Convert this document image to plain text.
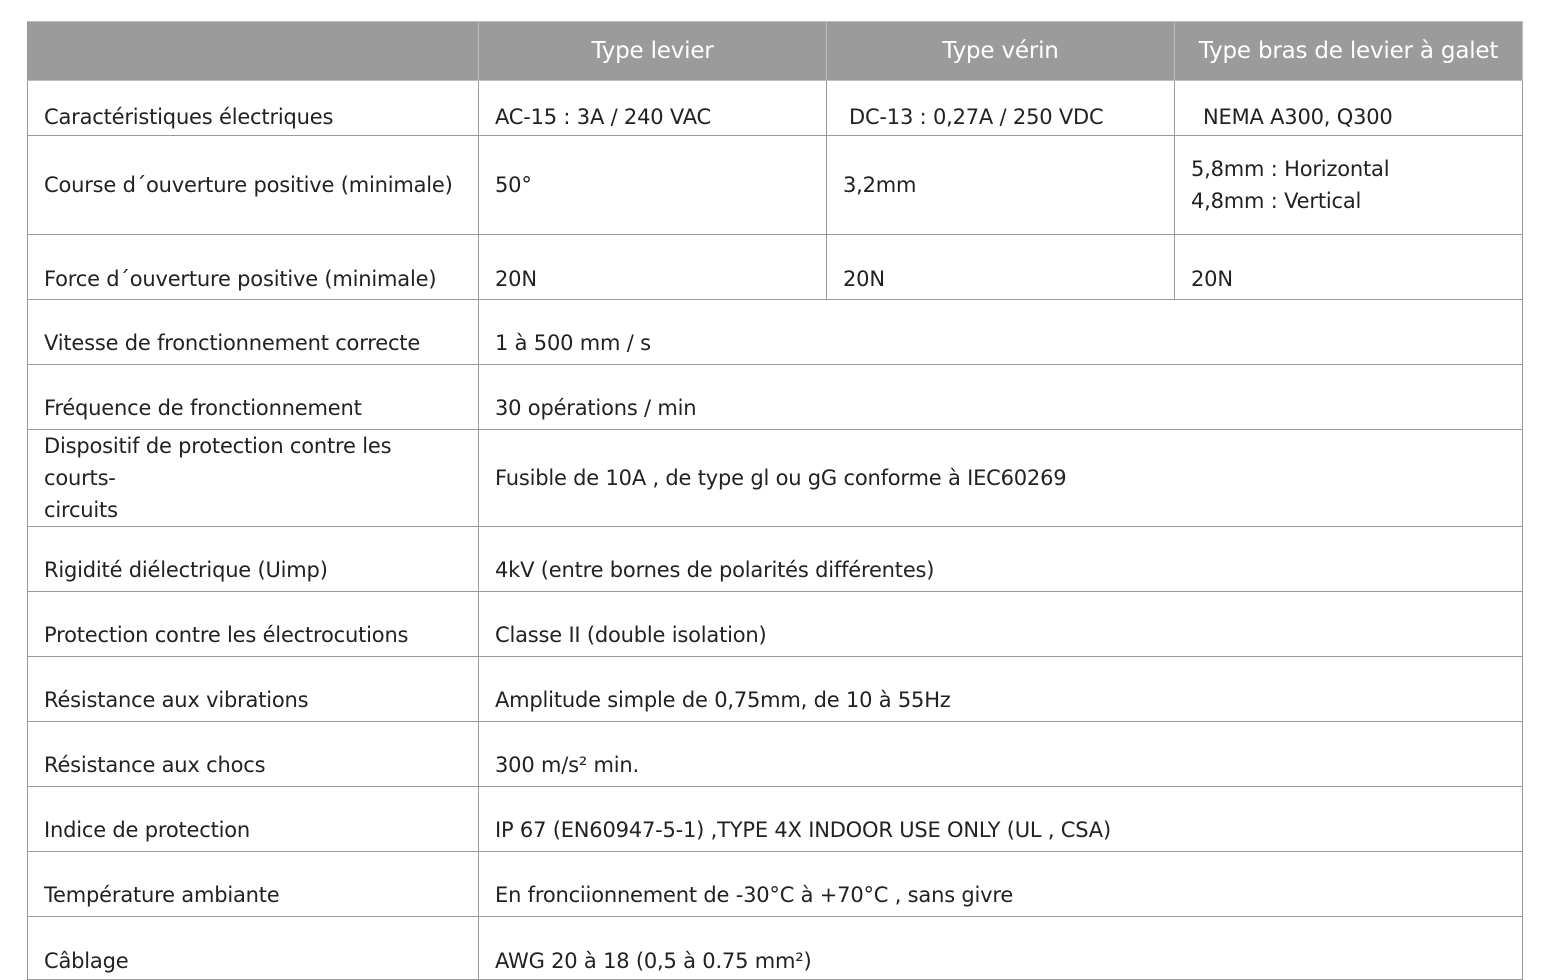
	Type levier	Type vérin	Type bras de levier à galet
Caractéristiques électriques	AC-15 : 3A / 240 VAC	DC-13 : 0,27A / 250 VDC	NEMA A300, Q300
Course d´ouverture positive (minimale)	50°	3,2mm	5,8mm : Horizontal
4,8mm : Vertical

Force d´ouverture positive (minimale)	20N	20N	20N
Vitesse de fronctionnement correcte	1 à 500 mm / s		
Fréquence de fronctionnement	30 opérations / min		

Dispositif de protection contre les courts-
circuits	Fusible de 10A , de type gl ou gG conforme à IEC60269		
Rigidité diélectrique (Uimp)	4kV (entre bornes de polarités différentes)		
Protection contre les électrocutions	Classe II (double isolation)		
Résistance aux vibrations	Amplitude simple de 0,75mm, de 10 à 55Hz		
Résistance aux chocs	300 m/s² min.		
Indice de protection	IP 67 (EN60947-5-1) ,TYPE 4X INDOOR USE ONLY (UL , CSA)		
Température ambiante	En fronciionnement de -30°C à +70°C , sans givre		
Câblage	AWG 20 à 18 (0,5 à 0.75 mm²)		
